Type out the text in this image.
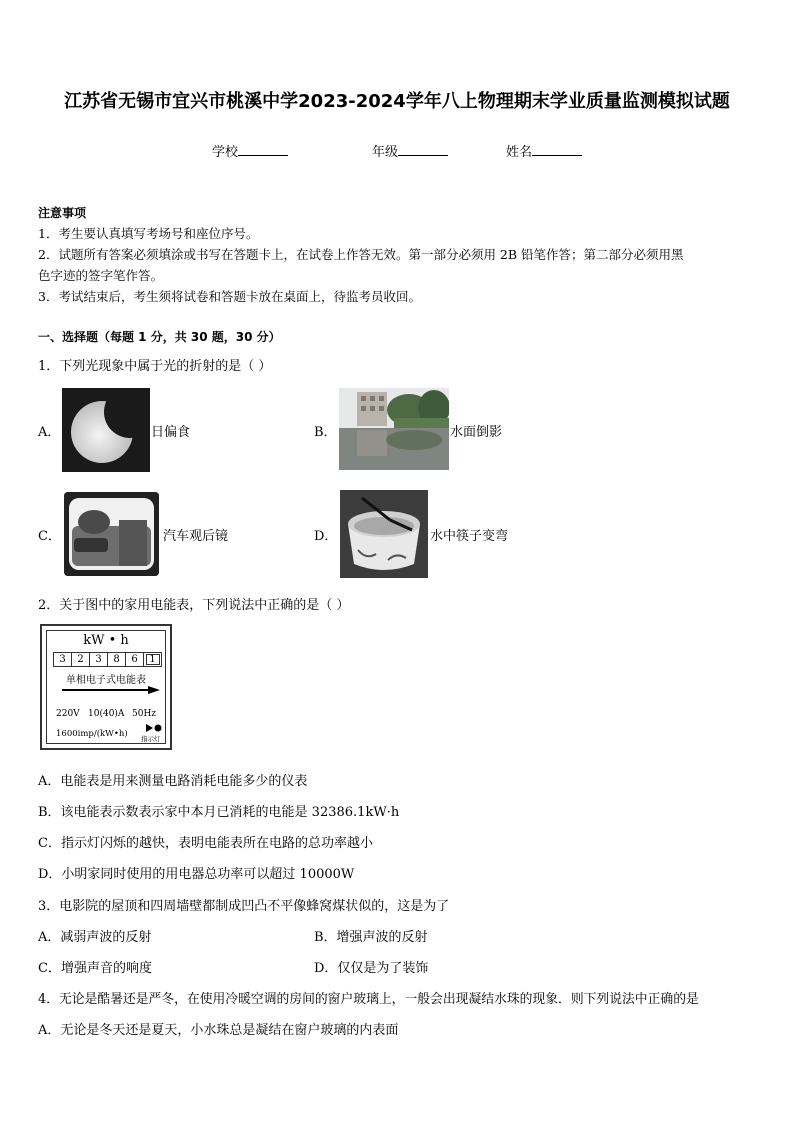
江苏省无锡市宜兴市桃溪中学2023-2024学年八上物理期末学业质量监测模拟试题
学校	年级	姓名
注意事项
1．考生要认真填写考场号和座位序号。
2．试题所有答案必须填涂或书写在答题卡上，在试卷上作答无效。第一部分必须用 2B 铅笔作答；第二部分必须用黑
色字迹的签字笔作答。
3．考试结束后，考生须将试卷和答题卡放在桌面上，待监考员收回。
一、选择题（每题 1 分，共 30 题，30 分）
1．下列光现象中属于光的折射的是（ ）
A．	日偏食	B．	水面倒影
C．	汽车观后镜	D．	水中筷子变弯
2．关于图中的家用电能表，下列说法中正确的是（ ）
kW • h
3	2	3	8	6	1
单相电子式电能表
220V 10(40)A 50Hz
1600imp/(kW•h) 指示灯
A．电能表是用来测量电路消耗电能多少的仪表
B．该电能表示数表示家中本月已消耗的电能是 32386.1kW·h
C．指示灯闪烁的越快，表明电能表所在电路的总功率越小
D．小明家同时使用的用电器总功率可以超过 10000W
3．电影院的屋顶和四周墙壁都制成凹凸不平像蜂窝煤状似的，这是为了
A．减弱声波的反射	B．增强声波的反射
C．增强声音的响度	D．仅仅是为了装饰
4．无论是酷暑还是严冬，在使用冷暖空调的房间的窗户玻璃上，一般会出现凝结水珠的现象．则下列说法中正确的是
A．无论是冬天还是夏天，小水珠总是凝结在窗户玻璃的内表面
